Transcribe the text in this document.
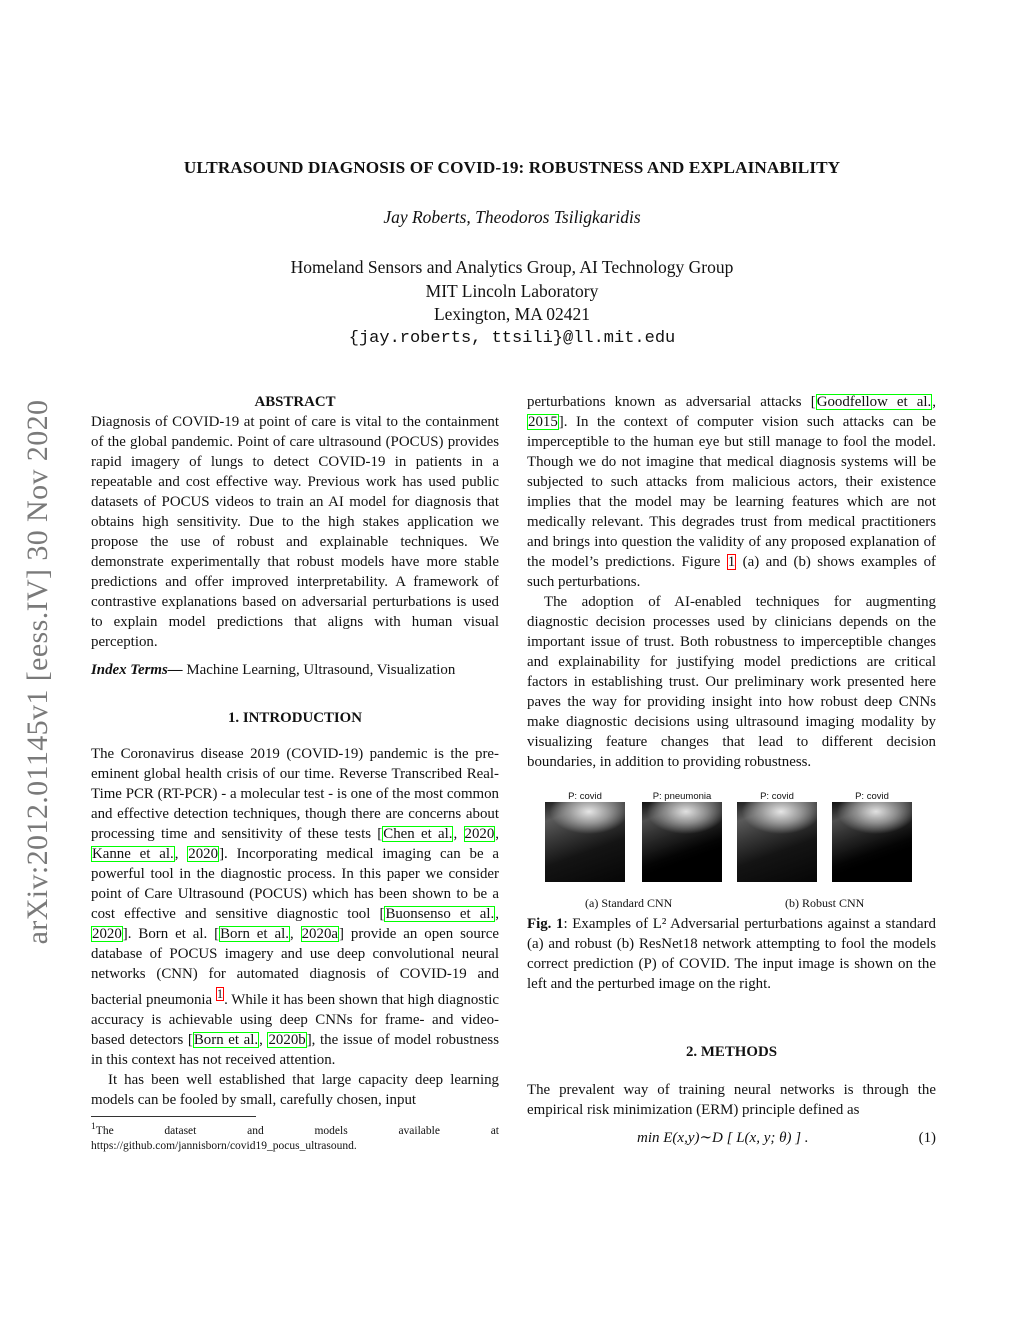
arXiv:2012.01145v1 [eess.IV] 30 Nov 2020
ULTRASOUND DIAGNOSIS OF COVID-19: ROBUSTNESS AND EXPLAINABILITY
Jay Roberts, Theodoros Tsiligkaridis
Homeland Sensors and Analytics Group, AI Technology Group
MIT Lincoln Laboratory
Lexington, MA 02421
{jay.roberts, ttsili}@ll.mit.edu
ABSTRACT

Diagnosis of COVID-19 at point of care is vital to the containment of the global pandemic. Point of care ultrasound (POCUS) provides rapid imagery of lungs to detect COVID-19 in patients in a repeatable and cost effective way. Previous work has used public datasets of POCUS videos to train an AI model for diagnosis that obtains high sensitivity. Due to the high stakes application we propose the use of robust and explainable techniques. We demonstrate experimentally that robust models have more stable predictions and offer improved interpretability. A framework of contrastive explanations based on adversarial perturbations is used to explain model predictions that aligns with human visual perception.

Index Terms— Machine Learning, Ultrasound, Visualization

1. INTRODUCTION

The Coronavirus disease 2019 (COVID-19) pandemic is the pre-eminent global health crisis of our time. Reverse Transcribed Real-Time PCR (RT-PCR) - a molecular test - is one of the most common and effective detection techniques, though there are concerns about processing time and sensitivity of these tests [Chen et al., 2020, Kanne et al., 2020]. Incorporating medical imaging can be a powerful tool in the diagnostic process. In this paper we consider point of Care Ultrasound (POCUS) which has been shown to be a cost effective and sensitive diagnostic tool [Buonsenso et al., 2020]. Born et al. [Born et al., 2020a] provide an open source database of POCUS imagery and use deep convolutional neural networks (CNN) for automated diagnosis of COVID-19 and bacterial pneumonia $^1$. While it has been shown that high diagnostic accuracy is achievable using deep CNNs for frame- and video-based detectors [Born et al., 2020b], the issue of model robustness in this context has not received attention.

It has been well established that large capacity deep learning models can be fooled by small, carefully chosen, input

$^1$The dataset and models available at
https://github.com/jannisborn/covid19_pocus_ultrasound.

perturbations known as adversarial attacks [Goodfellow et al., 2015]. In the context of computer vision such attacks can be imperceptible to the human eye but still manage to fool the model. Though we do not imagine that medical diagnosis systems will be subjected to such attacks from malicious actors, their existence implies that the model may be learning features which are not medically relevant. This degrades trust from medical practitioners and brings into question the validity of any proposed explanation of the model’s predictions. Figure 1 (a) and (b) shows examples of such perturbations.

The adoption of AI-enabled techniques for augmenting diagnostic decision processes used by clinicians depends on the important issue of trust. Both robustness to imperceptible changes and explainability for justifying model predictions are critical factors in establishing trust. Our preliminary work presented here paves the way for providing insight into how robust deep CNNs make diagnostic decisions using ultrasound imaging modality by visualizing feature changes that lead to different decision boundaries, in addition to providing robustness.

P: covid	P: pneumonia	P: covid	P: covid
(a) Standard CNN	(b) Robust CNN

Fig. 1: Examples of L² Adversarial perturbations against a standard (a) and robust (b) ResNet18 network attempting to fool the models correct prediction (P) of COVID. The input image is shown on the left and the perturbed image on the right.

2. METHODS

The prevalent way of training neural networks is through the empirical risk minimization (ERM) principle defined as

min E(x,y)∼D [ L(x, y; θ) ] .	(1)
